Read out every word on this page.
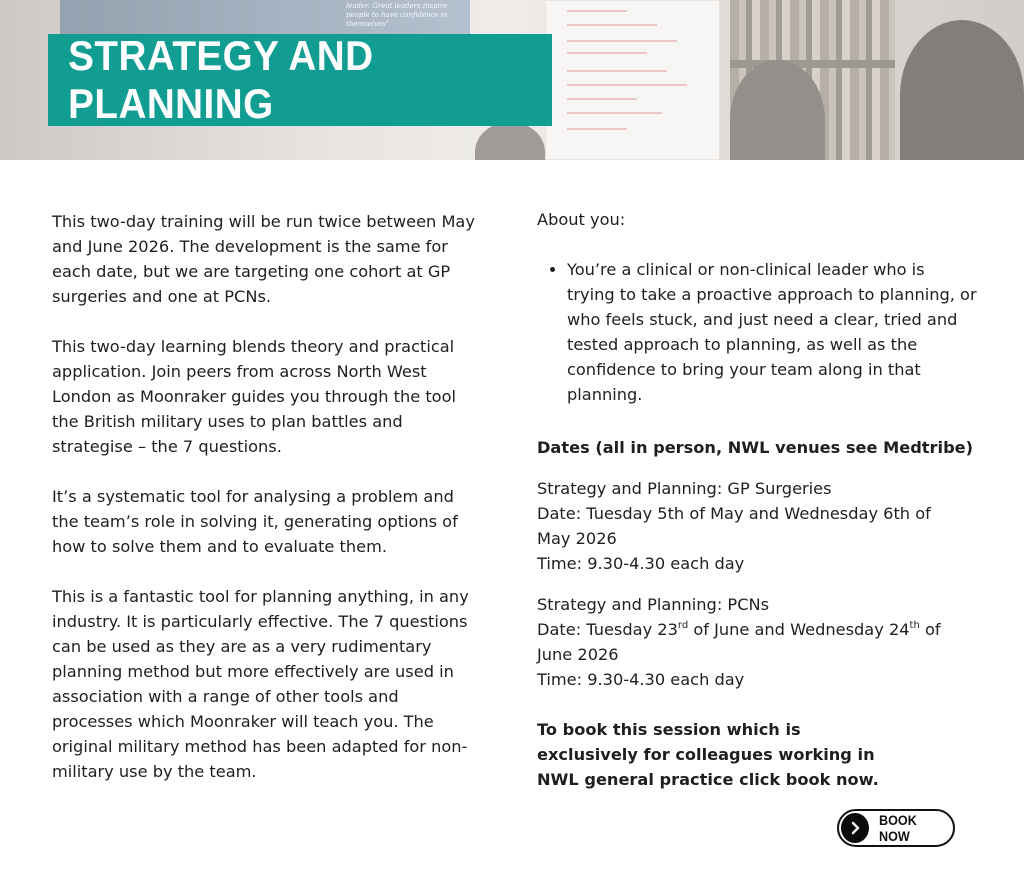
leader. Great leaders inspire people to have confidence in themselves"
STRATEGY AND PLANNING

This two-day training will be run twice between May and June 2026. The development is the same for each date, but we are targeting one cohort at GP surgeries and one at PCNs.

This two-day learning blends theory and practical application. Join peers from across North West London as Moonraker guides you through the tool the British military uses to plan battles and strategise – the 7 questions.

It’s a systematic tool for analysing a problem and the team’s role in solving it, generating options of how to solve them and to evaluate them.

This is a fantastic tool for planning anything, in any industry. It is particularly effective. The 7 questions can be used as they are as a very rudimentary planning method but more effectively are used in association with a range of other tools and processes which Moonraker will teach you. The original military method has been adapted for non-military use by the team.

About you:

• You’re a clinical or non-clinical leader who is trying to take a proactive approach to planning, or who feels stuck, and just need a clear, tried and tested approach to planning, as well as the confidence to bring your team along in that planning.

Dates (all in person, NWL venues see Medtribe)

Strategy and Planning: GP Surgeries

Date: Tuesday 5th of May and Wednesday 6th of May 2026

Time: 9.30-4.30 each day

Strategy and Planning: PCNs

Date: Tuesday 23rd of June and Wednesday 24th of June 2026

Time: 9.30-4.30 each day

To book this session which is exclusively for colleagues working in NWL general practice click book now.

BOOK NOW
